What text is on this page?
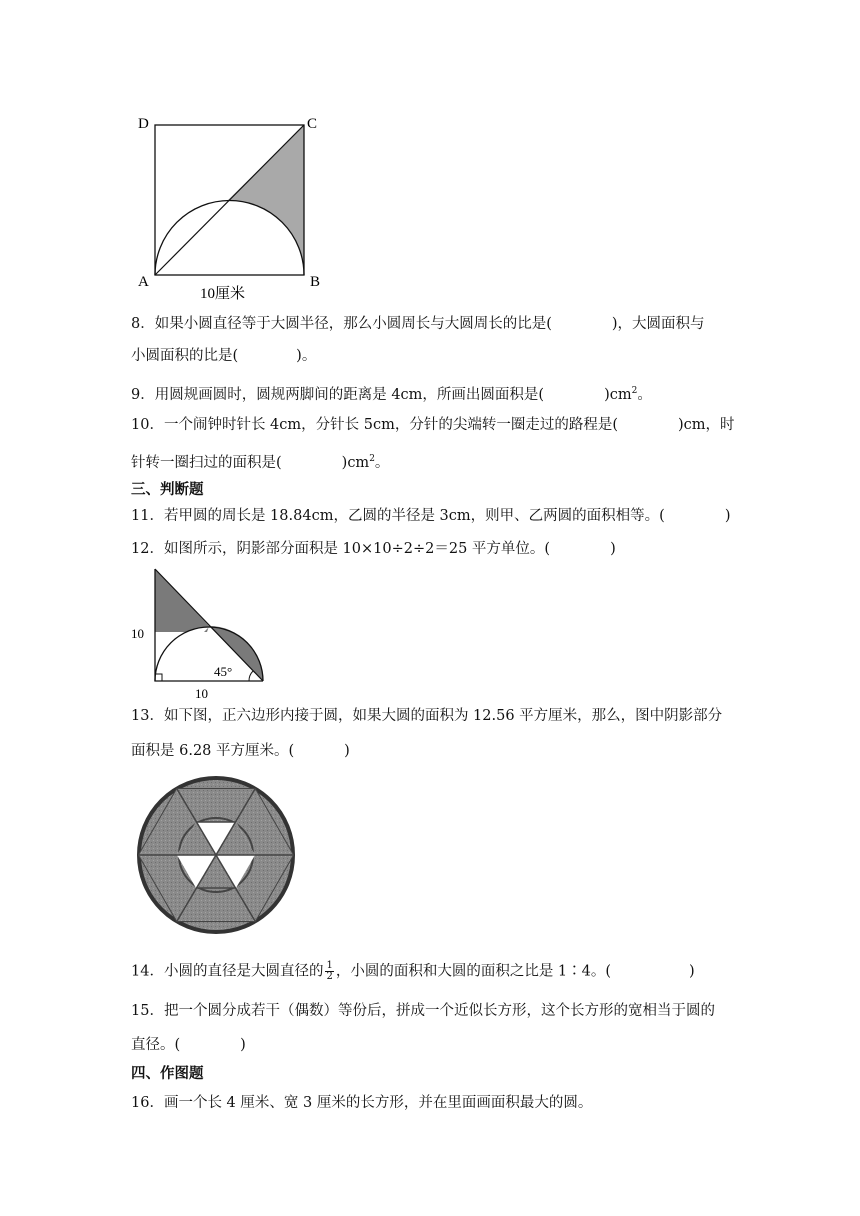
D	C
A	B
10厘米
8．如果小圆直径等于大圆半径，那么小圆周长与大圆周长的比是(	)，大圆面积与
小圆面积的比是(	)。
9．用圆规画圆时，圆规两脚间的距离是 4cm，所画出圆面积是(	)$cm^2$。
10．一个闹钟时针长 4cm，分针长 5cm，分针的尖端转一圈走过的路程是(	)cm，时
针转一圈扫过的面积是(	)$cm^2$。
三、判断题
11．若甲圆的周长是 18.84cm，乙圆的半径是 3cm，则甲、乙两圆的面积相等。(	)
12．如图所示，阴影部分面积是 10×10÷2÷2＝25 平方单位。(	)
10
10
45°
13．如下图，正六边形内接于圆，如果大圆的面积为 12.56 平方厘米，那么，图中阴影部分
面积是 6.28 平方厘米。(	)
14．小圆的直径是大圆直径的 $\frac{1}{2}$ ，小圆的面积和大圆的面积之比是 1∶4。(	)
15．把一个圆分成若干（偶数）等份后，拼成一个近似长方形，这个长方形的宽相当于圆的
直径。(	)
四、作图题
16．画一个长 4 厘米、宽 3 厘米的长方形，并在里面画面积最大的圆。
